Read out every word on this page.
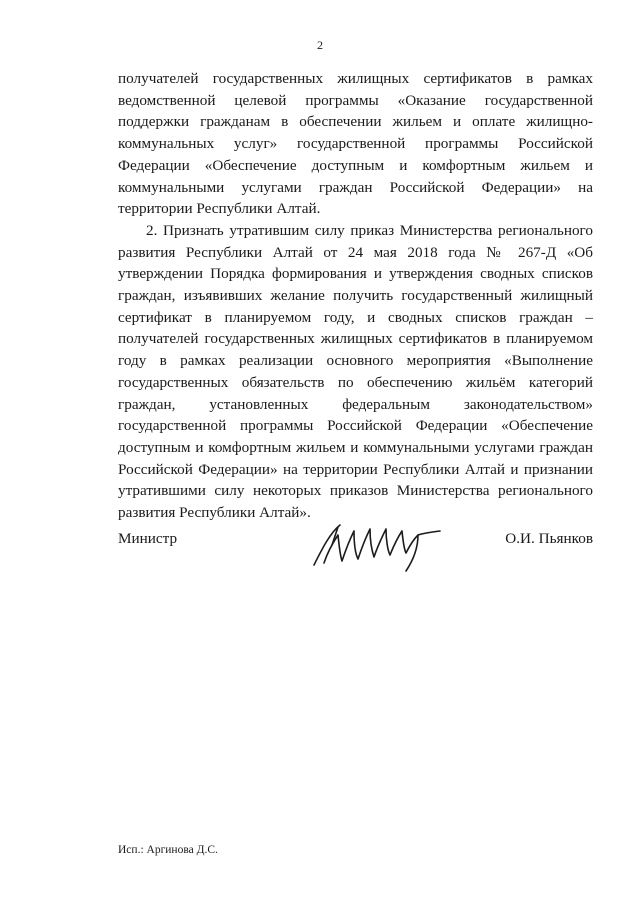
2

получателей государственных жилищных сертификатов в рамках ведомственной целевой программы «Оказание государственной поддержки гражданам в обеспечении жильем и оплате жилищно-коммунальных услуг» государственной программы Российской Федерации «Обеспечение доступным и комфортным жильем и коммунальными услугами граждан Российской Федерации» на территории Республики Алтай.

2. Признать утратившим силу приказ Министерства регионального развития Республики Алтай от 24 мая 2018 года № 267-Д «Об утверждении Порядка формирования и утверждения сводных списков граждан, изъявивших желание получить государственный жилищный сертификат в планируемом году, и сводных списков граждан – получателей государственных жилищных сертификатов в планируемом году в рамках реализации основного мероприятия «Выполнение государственных обязательств по обеспечению жильём категорий граждан, установленных федеральным законодательством» государственной программы Российской Федерации «Обеспечение доступным и комфортным жильем и коммунальными услугами граждан Российской Федерации» на территории Республики Алтай и признании утратившими силу некоторых приказов Министерства регионального развития Республики Алтай».

Министр	О.И. Пьянков
Исп.: Аргинова Д.С.
